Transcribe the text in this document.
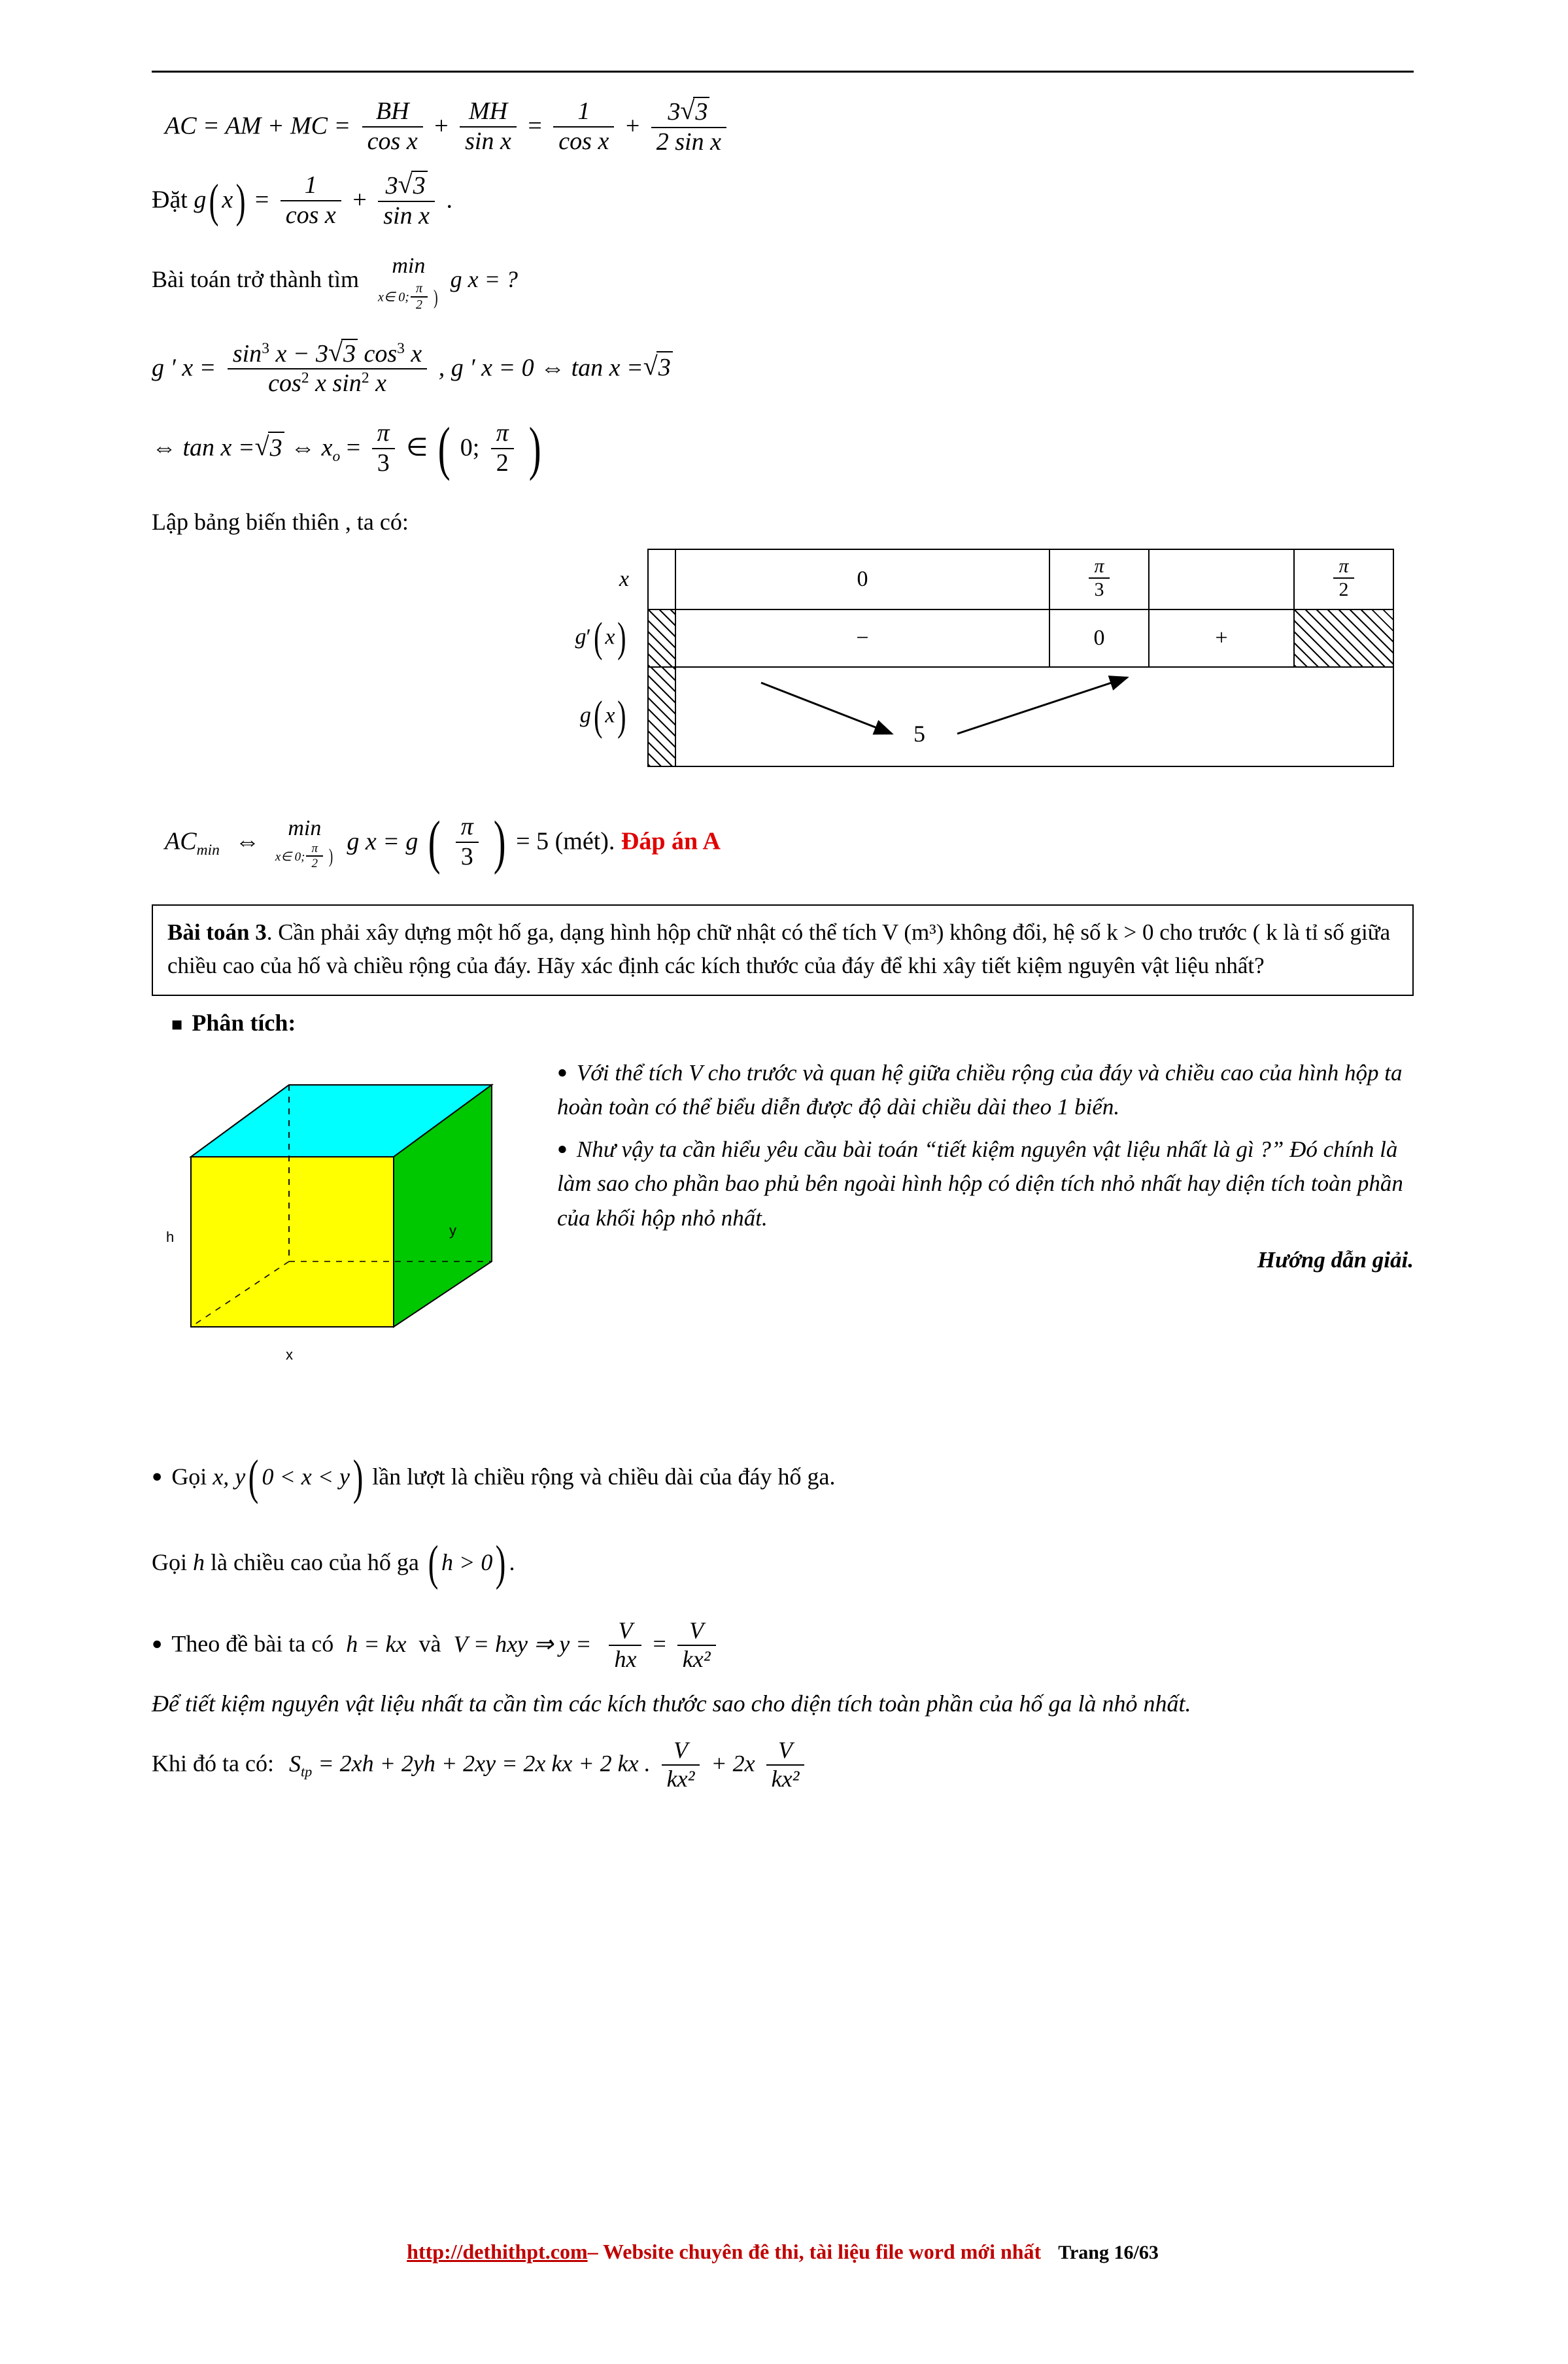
AC = AM + MC = $\frac{BH}{\text{cos x}} + \frac{MH}{\text{sin x}} = \frac{1}{\text{cos x}} + \frac{3 √ 3}{\text{2 sin x}}$
Đặt g( $x) = \frac{1}{\text{cos x}} + \frac{3 √ 3}{\text{sin x}}$ .
Bài toán trở thành tìm
min
x∈ 0; $\frac{\pi}{2}$ )
g x = ?
g ′ $x = \frac{\sin^3 x - 3 √ 3 \cos^3 x}{\cos^2 x \sin^2 x}$ , g ′ x = 0 ⇔ tan x = √ 3
⇔ tan x = √ 3 ⇔ $x_o = \frac{\pi}{3}$ ∈ ( 0; $\frac{\pi}{2}$ )
Lập bảng biến thiên , ta có:
x		0	$\frac{\pi}{3}$		$\frac{\pi}{2}$

g′( x)		−	0	+	
g( x)		5			
$AC_{min}$ ⇔	min
x∈ 0; $\frac{\pi}{2}$ )
g x = g ( $\frac{\pi}{3}$ ) = 5 (mét). Đáp án A
Bài toán 3. Cần phải xây dựng một hố ga, dạng hình hộp chữ nhật có thể tích V (m³) không đổi, hệ số k > 0 cho trước ( k là tỉ số giữa chiều cao của hố và chiều rộng của đáy. Hãy xác định các kích thước của đáy để khi xây tiết kiệm nguyên vật liệu nhất?
■ Phân tích:
h
x
y

● Với thể tích V cho trước và quan hệ giữa chiều rộng của đáy và chiều cao của hình hộp ta hoàn toàn có thể biểu diễn được độ dài chiều dài theo 1 biến.

● Như vậy ta cần hiểu yêu cầu bài toán “tiết kiệm nguyên vật liệu nhất là gì ?” Đó chính là làm sao cho phần bao phủ bên ngoài hình hộp có diện tích nhỏ nhất hay diện tích toàn phần của khối hộp nhỏ nhất.

Hướng dẫn giải.

● Gọi x, y( 0 < x < y) lần lượt là chiều rộng và chiều dài của đáy hố ga.
Gọi h là chiều cao của hố ga ( h > 0) .
● Theo đề bài ta có h = kx và V = hxy ⇒ $y = \frac{V}{hx} = \frac{V}{\text{kx²}}$
Để tiết kiệm nguyên vật liệu nhất ta cần tìm các kích thước sao cho diện tích toàn phần của hố ga là nhỏ nhất.
Khi đó ta có: $S_{tp} = 2xh + 2yh + 2xy = 2x$ kx + 2 kx . $\frac{V}{\text{kx²}} + 2x \frac{V}{\text{kx²}}$
http://dethithpt.com– Website chuyên đê thi, tài liệu file word mới nhất Trang 16/63
